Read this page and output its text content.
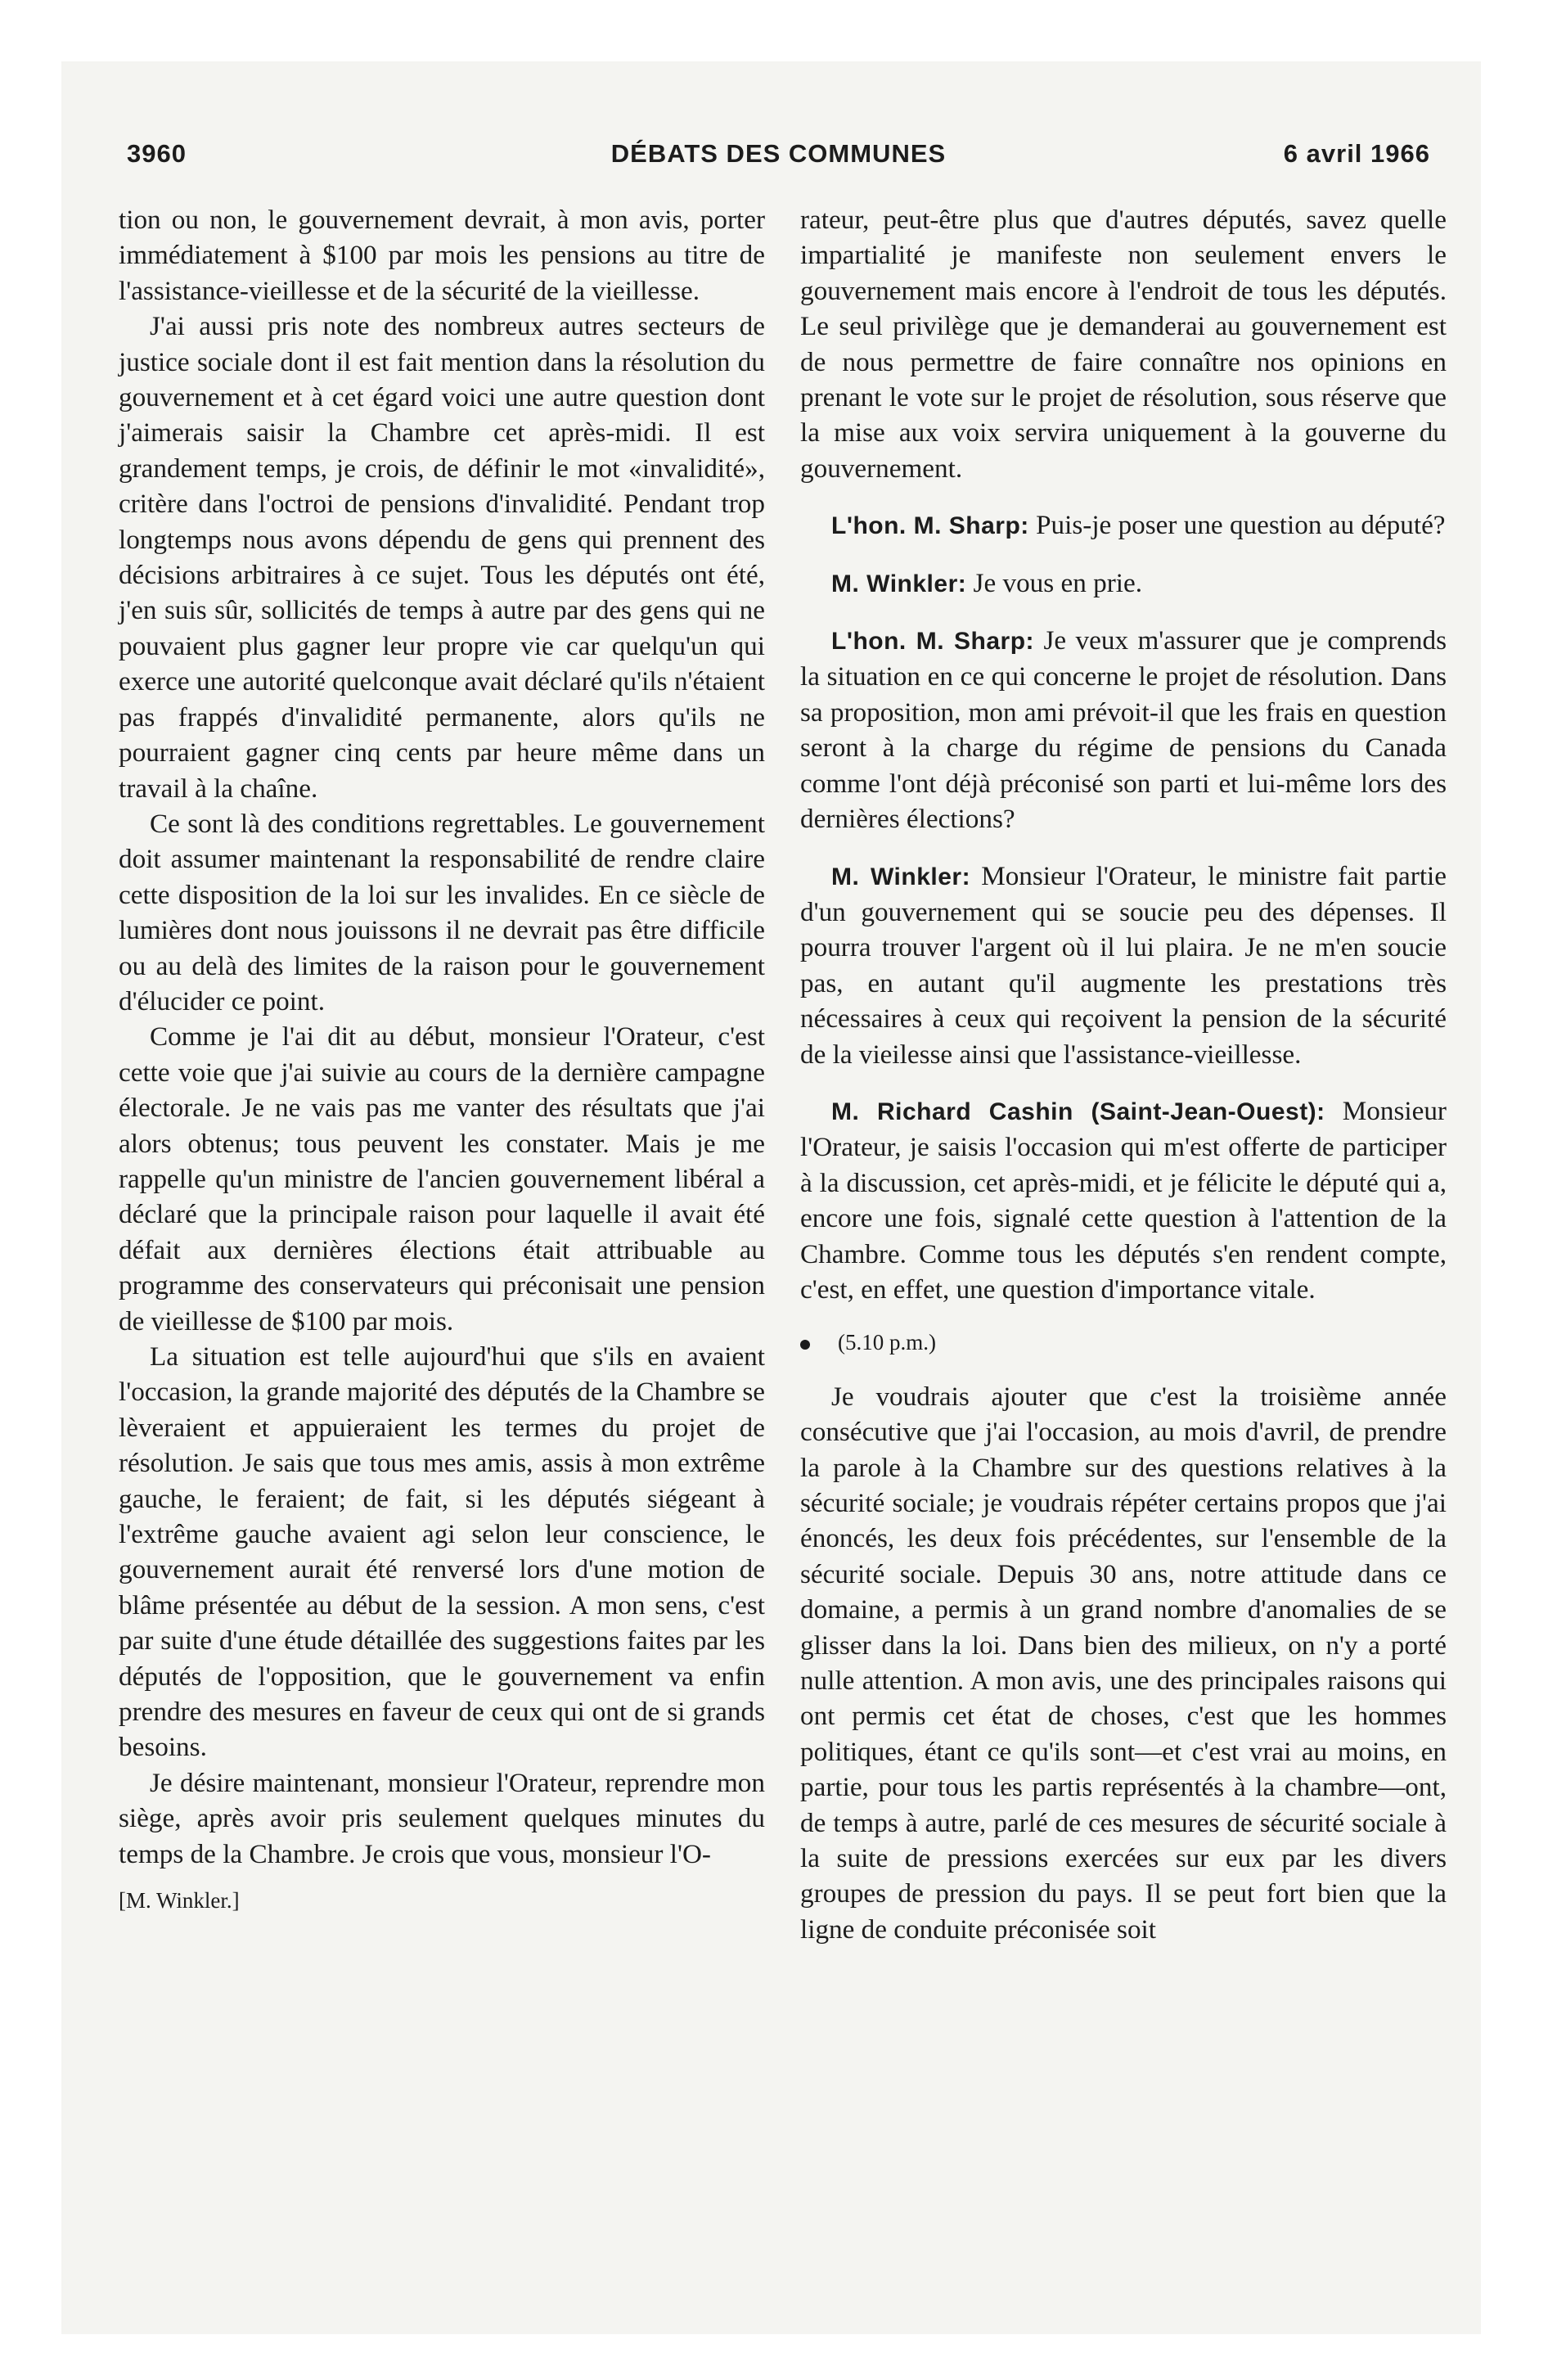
3960	DÉBATS DES COMMUNES	6 avril 1966

tion ou non, le gouvernement devrait, à mon avis, porter immédiatement à $100 par mois les pensions au titre de l'assistance-vieillesse et de la sécurité de la vieillesse.

J'ai aussi pris note des nombreux autres secteurs de justice sociale dont il est fait mention dans la résolution du gouvernement et à cet égard voici une autre question dont j'aimerais saisir la Chambre cet après-midi. Il est grandement temps, je crois, de définir le mot «invalidité», critère dans l'octroi de pensions d'invalidité. Pendant trop longtemps nous avons dépendu de gens qui prennent des décisions arbitraires à ce sujet. Tous les députés ont été, j'en suis sûr, sollicités de temps à autre par des gens qui ne pouvaient plus gagner leur propre vie car quelqu'un qui exerce une autorité quelconque avait déclaré qu'ils n'étaient pas frappés d'invalidité permanente, alors qu'ils ne pourraient gagner cinq cents par heure même dans un travail à la chaîne.

Ce sont là des conditions regrettables. Le gouvernement doit assumer maintenant la responsabilité de rendre claire cette disposition de la loi sur les invalides. En ce siècle de lumières dont nous jouissons il ne devrait pas être difficile ou au delà des limites de la raison pour le gouvernement d'élucider ce point.

Comme je l'ai dit au début, monsieur l'Orateur, c'est cette voie que j'ai suivie au cours de la dernière campagne électorale. Je ne vais pas me vanter des résultats que j'ai alors obtenus; tous peuvent les constater. Mais je me rappelle qu'un ministre de l'ancien gouvernement libéral a déclaré que la principale raison pour laquelle il avait été défait aux dernières élections était attribuable au programme des conservateurs qui préconisait une pension de vieillesse de $100 par mois.

La situation est telle aujourd'hui que s'ils en avaient l'occasion, la grande majorité des députés de la Chambre se lèveraient et appuieraient les termes du projet de résolution. Je sais que tous mes amis, assis à mon extrême gauche, le feraient; de fait, si les députés siégeant à l'extrême gauche avaient agi selon leur conscience, le gouvernement aurait été renversé lors d'une motion de blâme présentée au début de la session. A mon sens, c'est par suite d'une étude détaillée des suggestions faites par les députés de l'opposition, que le gouvernement va enfin prendre des mesures en faveur de ceux qui ont de si grands besoins.

Je désire maintenant, monsieur l'Orateur, reprendre mon siège, après avoir pris seulement quelques minutes du temps de la Chambre. Je crois que vous, monsieur l'O-

[M. Winkler.]

rateur, peut-être plus que d'autres députés, savez quelle impartialité je manifeste non seulement envers le gouvernement mais encore à l'endroit de tous les députés. Le seul privilège que je demanderai au gouvernement est de nous permettre de faire connaître nos opinions en prenant le vote sur le projet de résolution, sous réserve que la mise aux voix servira uniquement à la gouverne du gouvernement.

L'hon. M. Sharp: Puis-je poser une question au député?

M. Winkler: Je vous en prie.

L'hon. M. Sharp: Je veux m'assurer que je comprends la situation en ce qui concerne le projet de résolution. Dans sa proposition, mon ami prévoit-il que les frais en question seront à la charge du régime de pensions du Canada comme l'ont déjà préconisé son parti et lui-même lors des dernières élections?

M. Winkler: Monsieur l'Orateur, le ministre fait partie d'un gouvernement qui se soucie peu des dépenses. Il pourra trouver l'argent où il lui plaira. Je ne m'en soucie pas, en autant qu'il augmente les prestations très nécessaires à ceux qui reçoivent la pension de la sécurité de la vieilesse ainsi que l'assistance-vieillesse.

M. Richard Cashin (Saint-Jean-Ouest): Monsieur l'Orateur, je saisis l'occasion qui m'est offerte de participer à la discussion, cet après-midi, et je félicite le député qui a, encore une fois, signalé cette question à l'attention de la Chambre. Comme tous les députés s'en rendent compte, c'est, en effet, une question d'importance vitale.

(5.10 p.m.)

Je voudrais ajouter que c'est la troisième année consécutive que j'ai l'occasion, au mois d'avril, de prendre la parole à la Chambre sur des questions relatives à la sécurité sociale; je voudrais répéter certains propos que j'ai énoncés, les deux fois précédentes, sur l'ensemble de la sécurité sociale. Depuis 30 ans, notre attitude dans ce domaine, a permis à un grand nombre d'anomalies de se glisser dans la loi. Dans bien des milieux, on n'y a porté nulle attention. A mon avis, une des principales raisons qui ont permis cet état de choses, c'est que les hommes politiques, étant ce qu'ils sont—et c'est vrai au moins, en partie, pour tous les partis représentés à la chambre—ont, de temps à autre, parlé de ces mesures de sécurité sociale à la suite de pressions exercées sur eux par les divers groupes de pression du pays. Il se peut fort bien que la ligne de conduite préconisée soit
